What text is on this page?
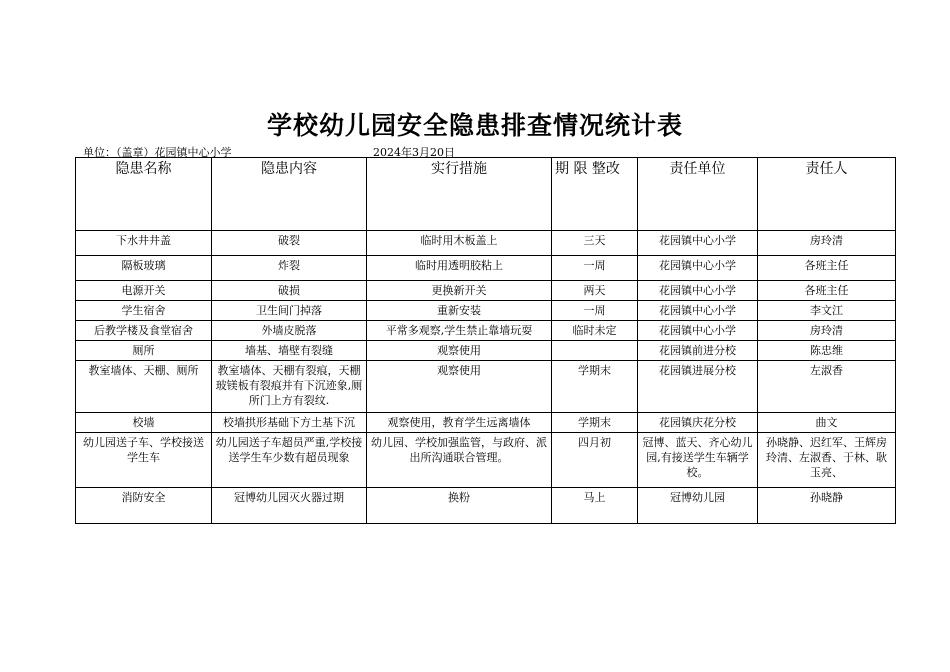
学校幼儿园安全隐患排查情况统计表
单位：（盖章）花园镇中心小学	2024年3月20日
隐患名称	隐患内容	实行措施	期 限 整改	责任单位	责任人
下水井井盖	破裂	临时用木板盖上	三天	花园镇中心小学	房玲清
隔板玻璃	炸裂	临时用透明胶粘上	一周	花园镇中心小学	各班主任
电源开关	破损	更换新开关	两天	花园镇中心小学	各班主任
学生宿舍	卫生间门掉落	重新安装	一周	花园镇中心小学	李文江
后教学楼及食堂宿舍	外墙皮脱落	平常多观察,学生禁止靠墙玩耍	临时未定	花园镇中心小学	房玲清
厕所	墙基、墙壁有裂缝	观察使用		花园镇前进分校	陈忠维
教室墙体、天棚、厕所	教室墙体、天棚有裂痕，天棚玻镁板有裂痕并有下沉迹象,厕所门上方有裂纹.	观察使用	学期末	花园镇进展分校	左淑香
校墙	校墙拱形基础下方土基下沉	观察使用，教育学生远离墙体	学期末	花园镇庆花分校	曲文
幼儿园送子车、学校接送学生车	幼儿园送子车超员严重,学校接送学生车少数有超员现象	幼儿园、学校加强监管，与政府、派出所沟通联合管理。	四月初	冠博、蓝天、齐心幼儿园,有接送学生车辆学校。	孙晓静、迟红军、王辉房玲清、左淑香、于林、耿玉亮、
消防安全	冠博幼儿园灭火器过期	换粉	马上	冠博幼儿园	孙晓静
